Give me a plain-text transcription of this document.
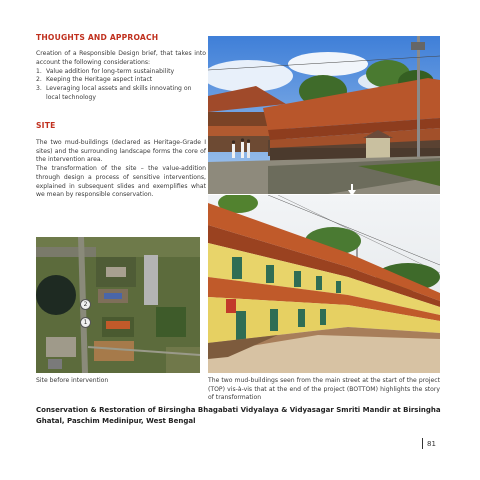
THOUGHTS AND APPROACH

Creation of a Responsible Design brief, that takes into account the following considerations:

1. Value addition for long-term sustainability
2. Keeping the Heritage aspect intact
3. Leveraging local assets and skills innovating on local technology
SITE

The two mud-buildings (declared as Heritage-Grade I sites) and the surrounding landscape forms the core of the intervention area.

The transformation of the site – the value-addition through design a process of sensitive interventions, explained in subsequent slides and exemplifies what we mean by responsible conservation.

2
1
Site before intervention	The two mud-buildings seen from the main street at the start of the project (TOP) vis-à-vis that at the end of the project (BOTTOM) highlights the story of transformation

Conservation & Restoration of Birsingha Bhagabati Vidyalaya & Vidyasagar Smriti Mandir at Birsingha Ghatal, Paschim Medinipur, West Bengal
81
